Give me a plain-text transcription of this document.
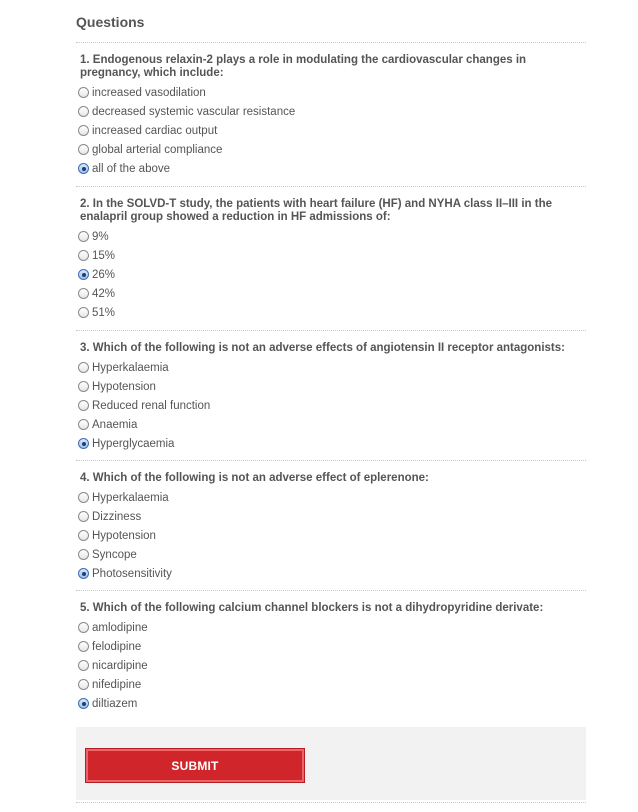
Questions

1. Endogenous relaxin-2 plays a role in modulating the cardiovascular changes in pregnancy, which include:

increased vasodilation
decreased systemic vascular resistance
increased cardiac output
global arterial compliance
all of the above

2. In the SOLVD-T study, the patients with heart failure (HF) and NYHA class II–III in the enalapril group showed a reduction in HF admissions of:

9%
15%
26%
42%
51%

3. Which of the following is not an adverse effects of angiotensin II receptor antagonists:

Hyperkalaemia
Hypotension
Reduced renal function
Anaemia
Hyperglycaemia

4. Which of the following is not an adverse effect of eplerenone:

Hyperkalaemia
Dizziness
Hypotension
Syncope
Photosensitivity

5. Which of the following calcium channel blockers is not a dihydropyridine derivate:

amlodipine
felodipine
nicardipine
nifedipine
diltiazem
SUBMIT
